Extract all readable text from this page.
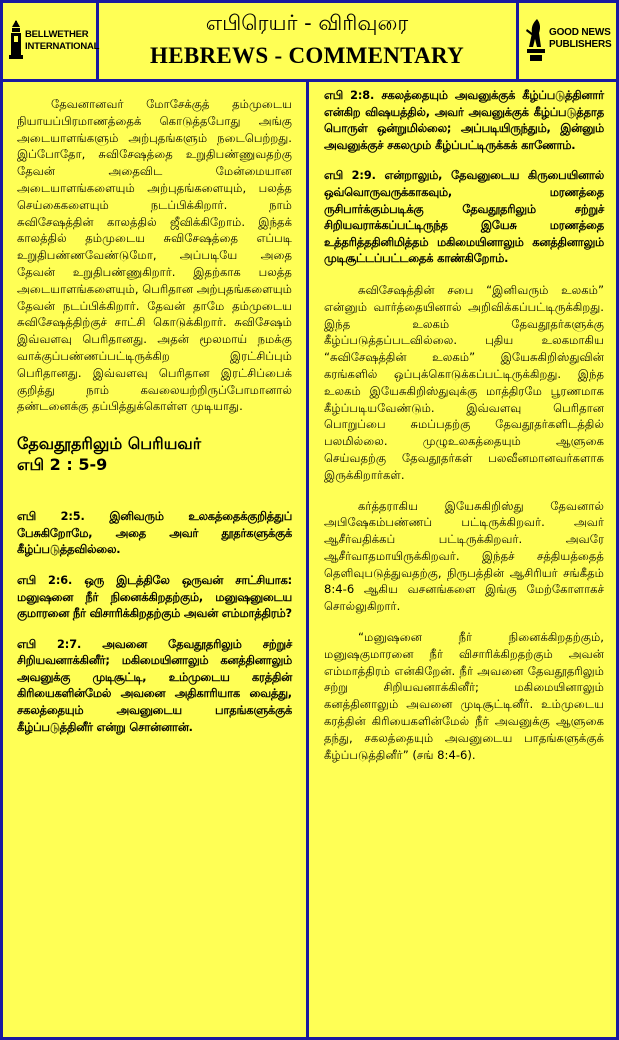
BELLWETHER INTERNATIONAL
எபிரெயர் - விரிவுரை
HEBREWS - COMMENTARY
GOOD NEWS PUBLISHERS

தேவனானவர் மோசேக்குத் தம்முடைய நியாயப்பிரமாணத்தைக் கொடுத்தபோது அங்கு அடையாளங்களும் அற்புதங்களும் நடைபெற்றது. இப்போதோ, சுவிசேஷத்தை உறுதிபண்ணுவதற்கு தேவன் அதைவிட மேன்மையான அடையாளங்களையும் அற்புதங்களையும், பலத்த செய்கைகளையும் நடப்பிக்கிறார். நாம் சுவிசேஷத்தின் காலத்தில் ஜீவிக்கிறோம். இந்தக் காலத்தில் தம்முடைய சுவிசேஷத்தை எப்படி உறுதிபண்ணவேண்டுமோ, அப்படியே அதை தேவன் உறுதிபண்ணுகிறார். இதற்காக பலத்த அடையாளங்களையும், பெரிதான அற்புதங்களையும் தேவன் நடப்பிக்கிறார். தேவன் தாமே தம்முடைய சுவிசேஷத்திற்குச் சாட்சி கொடுக்கிறார். சுவிசேஷம் இவ்வளவு பெரிதானது. அதன் மூலமாய் நமக்கு வாக்குப்பண்ணப்பட்டிருக்கிற இரட்சிப்பும் பெரிதானது. இவ்வளவு பெரிதான இரட்சிப்பைக் குறித்து நாம் கவலையற்றிருப்போமானால் தண்டனைக்கு தப்பித்துக்கொள்ள முடியாது.

தேவதூதரிலும் பெரியவர்
எபி 2 : 5-9

எபி 2:5. இனிவரும் உலகத்தைக்குறித்துப் பேசுகிறோமே, அதை அவர் தூதர்களுக்குக் கீழ்ப்படுத்தவில்லை.

எபி 2:6. ஒரு இடத்திலே ஒருவன் சாட்சியாக: மனுஷனை நீர் நினைக்கிறதற்கும், மனுஷனுடைய குமாரனை நீர் விசாரிக்கிறதற்கும் அவன் எம்மாத்திரம்?

எபி 2:7. அவனை தேவதூதரிலும் சற்றுச் சிறியவனாக்கினீர்; மகிமையினாலும் கனத்தினாலும் அவனுக்கு முடிசூட்டி, உம்முடைய கரத்தின் கிரியைகளின்மேல் அவனை அதிகாரியாக வைத்து, சகலத்தையும் அவனுடைய பாதங்களுக்குக் கீழ்ப்படுத்தினீர் என்று சொன்னான்.

எபி 2:8. சகலத்தையும் அவனுக்குக் கீழ்ப்படுத்தினார் என்கிற விஷயத்தில், அவர் அவனுக்குக் கீழ்ப்படுத்தாத பொருள் ஒன்றுமில்லை; அப்படியிருந்தும், இன்னும் அவனுக்குச் சகலமும் கீழ்ப்பட்டிருக்கக் காணோம்.

எபி 2:9. என்றாலும், தேவனுடைய கிருபையினால் ஒவ்வொருவருக்காகவும், மரணத்தை ருசிபார்க்கும்படிக்கு தேவதூதரிலும் சற்றுச் சிறியவராக்கப்பட்டிருந்த இயேசு மரணத்தை உத்தரித்ததினிமித்தம் மகிமையினாலும் கனத்தினாலும் முடிசூட்டப்பட்டதைக் காண்கிறோம்.

சுவிசேஷத்தின் சபை “இனிவரும் உலகம்” என்னும் வார்த்தையினால் அறிவிக்கப்பட்டிருக்கிறது. இந்த உலகம் தேவதூதர்களுக்கு கீழ்ப்படுத்தப்படவில்லை. புதிய உலகமாகிய “சுவிசேஷத்தின் உலகம்” இயேசுகிறிஸ்துவின் கரங்களில் ஒப்புக்கொடுக்கப்பட்டிருக்கிறது. இந்த உலகம் இயேசுகிறிஸ்துவுக்கு மாத்திரமே பூரணமாக கீழ்ப்படியவேண்டும். இவ்வளவு பெரிதான பொறுப்பை சுமப்பதற்கு தேவதூதர்களிடத்தில் பலமில்லை. முழுஉலகத்தையும் ஆளுகை செய்வதற்கு தேவதூதர்கள் பலவீனமானவர்களாக இருக்கிறார்கள்.

கர்த்தராகிய இயேசுகிறிஸ்து தேவனால் அபிஷேகம்பண்ணப் பட்டிருக்கிறவர். அவர் ஆசீர்வதிக்கப் பட்டிருக்கிறவர். அவரே ஆசீர்வாதமாயிருக்கிறவர். இந்தச் சத்தியத்தைத் தெளிவுபடுத்துவதற்கு, நிருபத்தின் ஆசிரியர் சங்கீதம் 8:4-6 ஆகிய வசனங்களை இங்கு மேற்கோளாகச் சொல்லுகிறார்.

“மனுஷனை நீர் நினைக்கிறதற்கும், மனுஷகுமாரனை நீர் விசாரிக்கிறதற்கும் அவன் எம்மாத்திரம் என்கிறேன். நீர் அவனை தேவதூதரிலும் சற்று சிறியவனாக்கினீர்; மகிமையினாலும் கனத்தினாலும் அவனை முடிசூட்டினீர். உம்முடைய கரத்தின் கிரியைகளின்மேல் நீர் அவனுக்கு ஆளுகை தந்து, சகலத்தையும் அவனுடைய பாதங்களுக்குக் கீழ்ப்படுத்தினீர்” (சங் 8:4-6).
